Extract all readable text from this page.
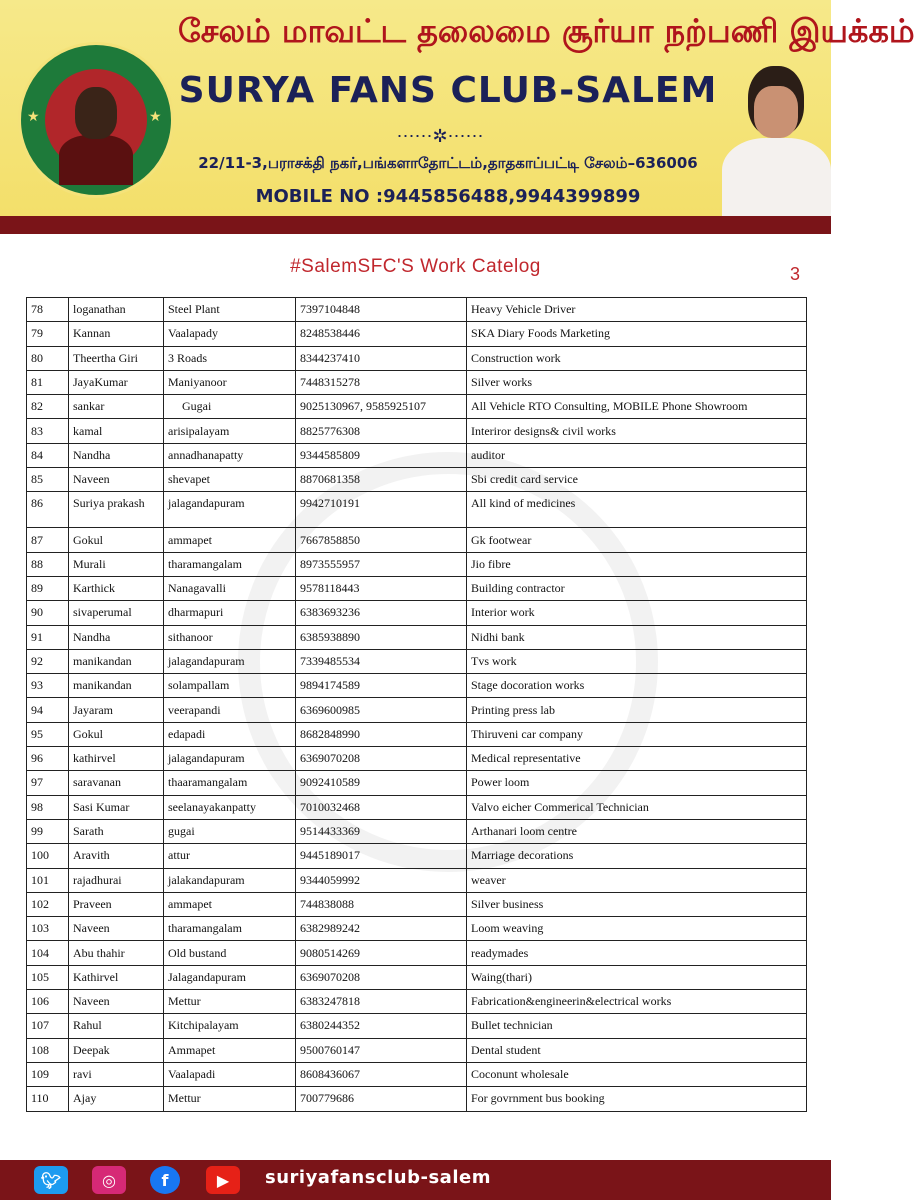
★	★
சேலம் மாவட்ட தலைமை சூர்யா நற்பணி இயக்கம்
SURYA FANS CLUB-SALEM
⋯⋯✲⋯⋯
22/11-3,பராசக்தி நகர்,பங்களாதோட்டம்,தாதகாப்பட்டி சேலம்–636006
MOBILE NO :9445856488,9944399899
#SalemSFC'S Work Catelog	3
78	loganathan	Steel Plant	7397104848	Heavy Vehicle Driver
79	Kannan	Vaalapady	8248538446	SKA Diary Foods Marketing
80	Theertha Giri	3 Roads	8344237410	Construction work
81	JayaKumar	Maniyanoor	7448315278	Silver works
82	sankar	Gugai	9025130967, 9585925107	All Vehicle RTO Consulting, MOBILE Phone Showroom
83	kamal	arisipalayam	8825776308	Interiror designs& civil works
84	Nandha	annadhanapatty	9344585809	auditor
85	Naveen	shevapet	8870681358	Sbi credit card service
86	Suriya prakash	jalagandapuram	9942710191	All kind of medicines
87	Gokul	ammapet	7667858850	Gk footwear
88	Murali	tharamangalam	8973555957	Jio fibre
89	Karthick	Nanagavalli	9578118443	Building contractor
90	sivaperumal	dharmapuri	6383693236	Interior work
91	Nandha	sithanoor	6385938890	Nidhi bank
92	manikandan	jalagandapuram	7339485534	Tvs work
93	manikandan	solampallam	9894174589	Stage docoration works
94	Jayaram	veerapandi	6369600985	Printing press lab
95	Gokul	edapadi	8682848990	Thiruveni car company
96	kathirvel	jalagandapuram	6369070208	Medical representative
97	saravanan	thaaramangalam	9092410589	Power loom
98	Sasi Kumar	seelanayakanpatty	7010032468	Valvo eicher Commerical Technician
99	Sarath	gugai	9514433369	Arthanari loom centre
100	Aravith	attur	9445189017	Marriage decorations
101	rajadhurai	jalakandapuram	9344059992	weaver
102	Praveen	ammapet	744838088	Silver business
103	Naveen	tharamangalam	6382989242	Loom weaving
104	Abu thahir	Old bustand	9080514269	readymades
105	Kathirvel	Jalagandapuram	6369070208	Waing(thari)
106	Naveen	Mettur	6383247818	Fabrication&engineerin&electrical works
107	Rahul	Kitchipalayam	6380244352	Bullet technician
108	Deepak	Ammapet	9500760147	Dental student
109	ravi	Vaalapadi	8608436067	Coconunt wholesale
110	Ajay	Mettur	700779686	For govrnment bus booking
🐦︎	◎	f	▶	suriyafansclub-salem
